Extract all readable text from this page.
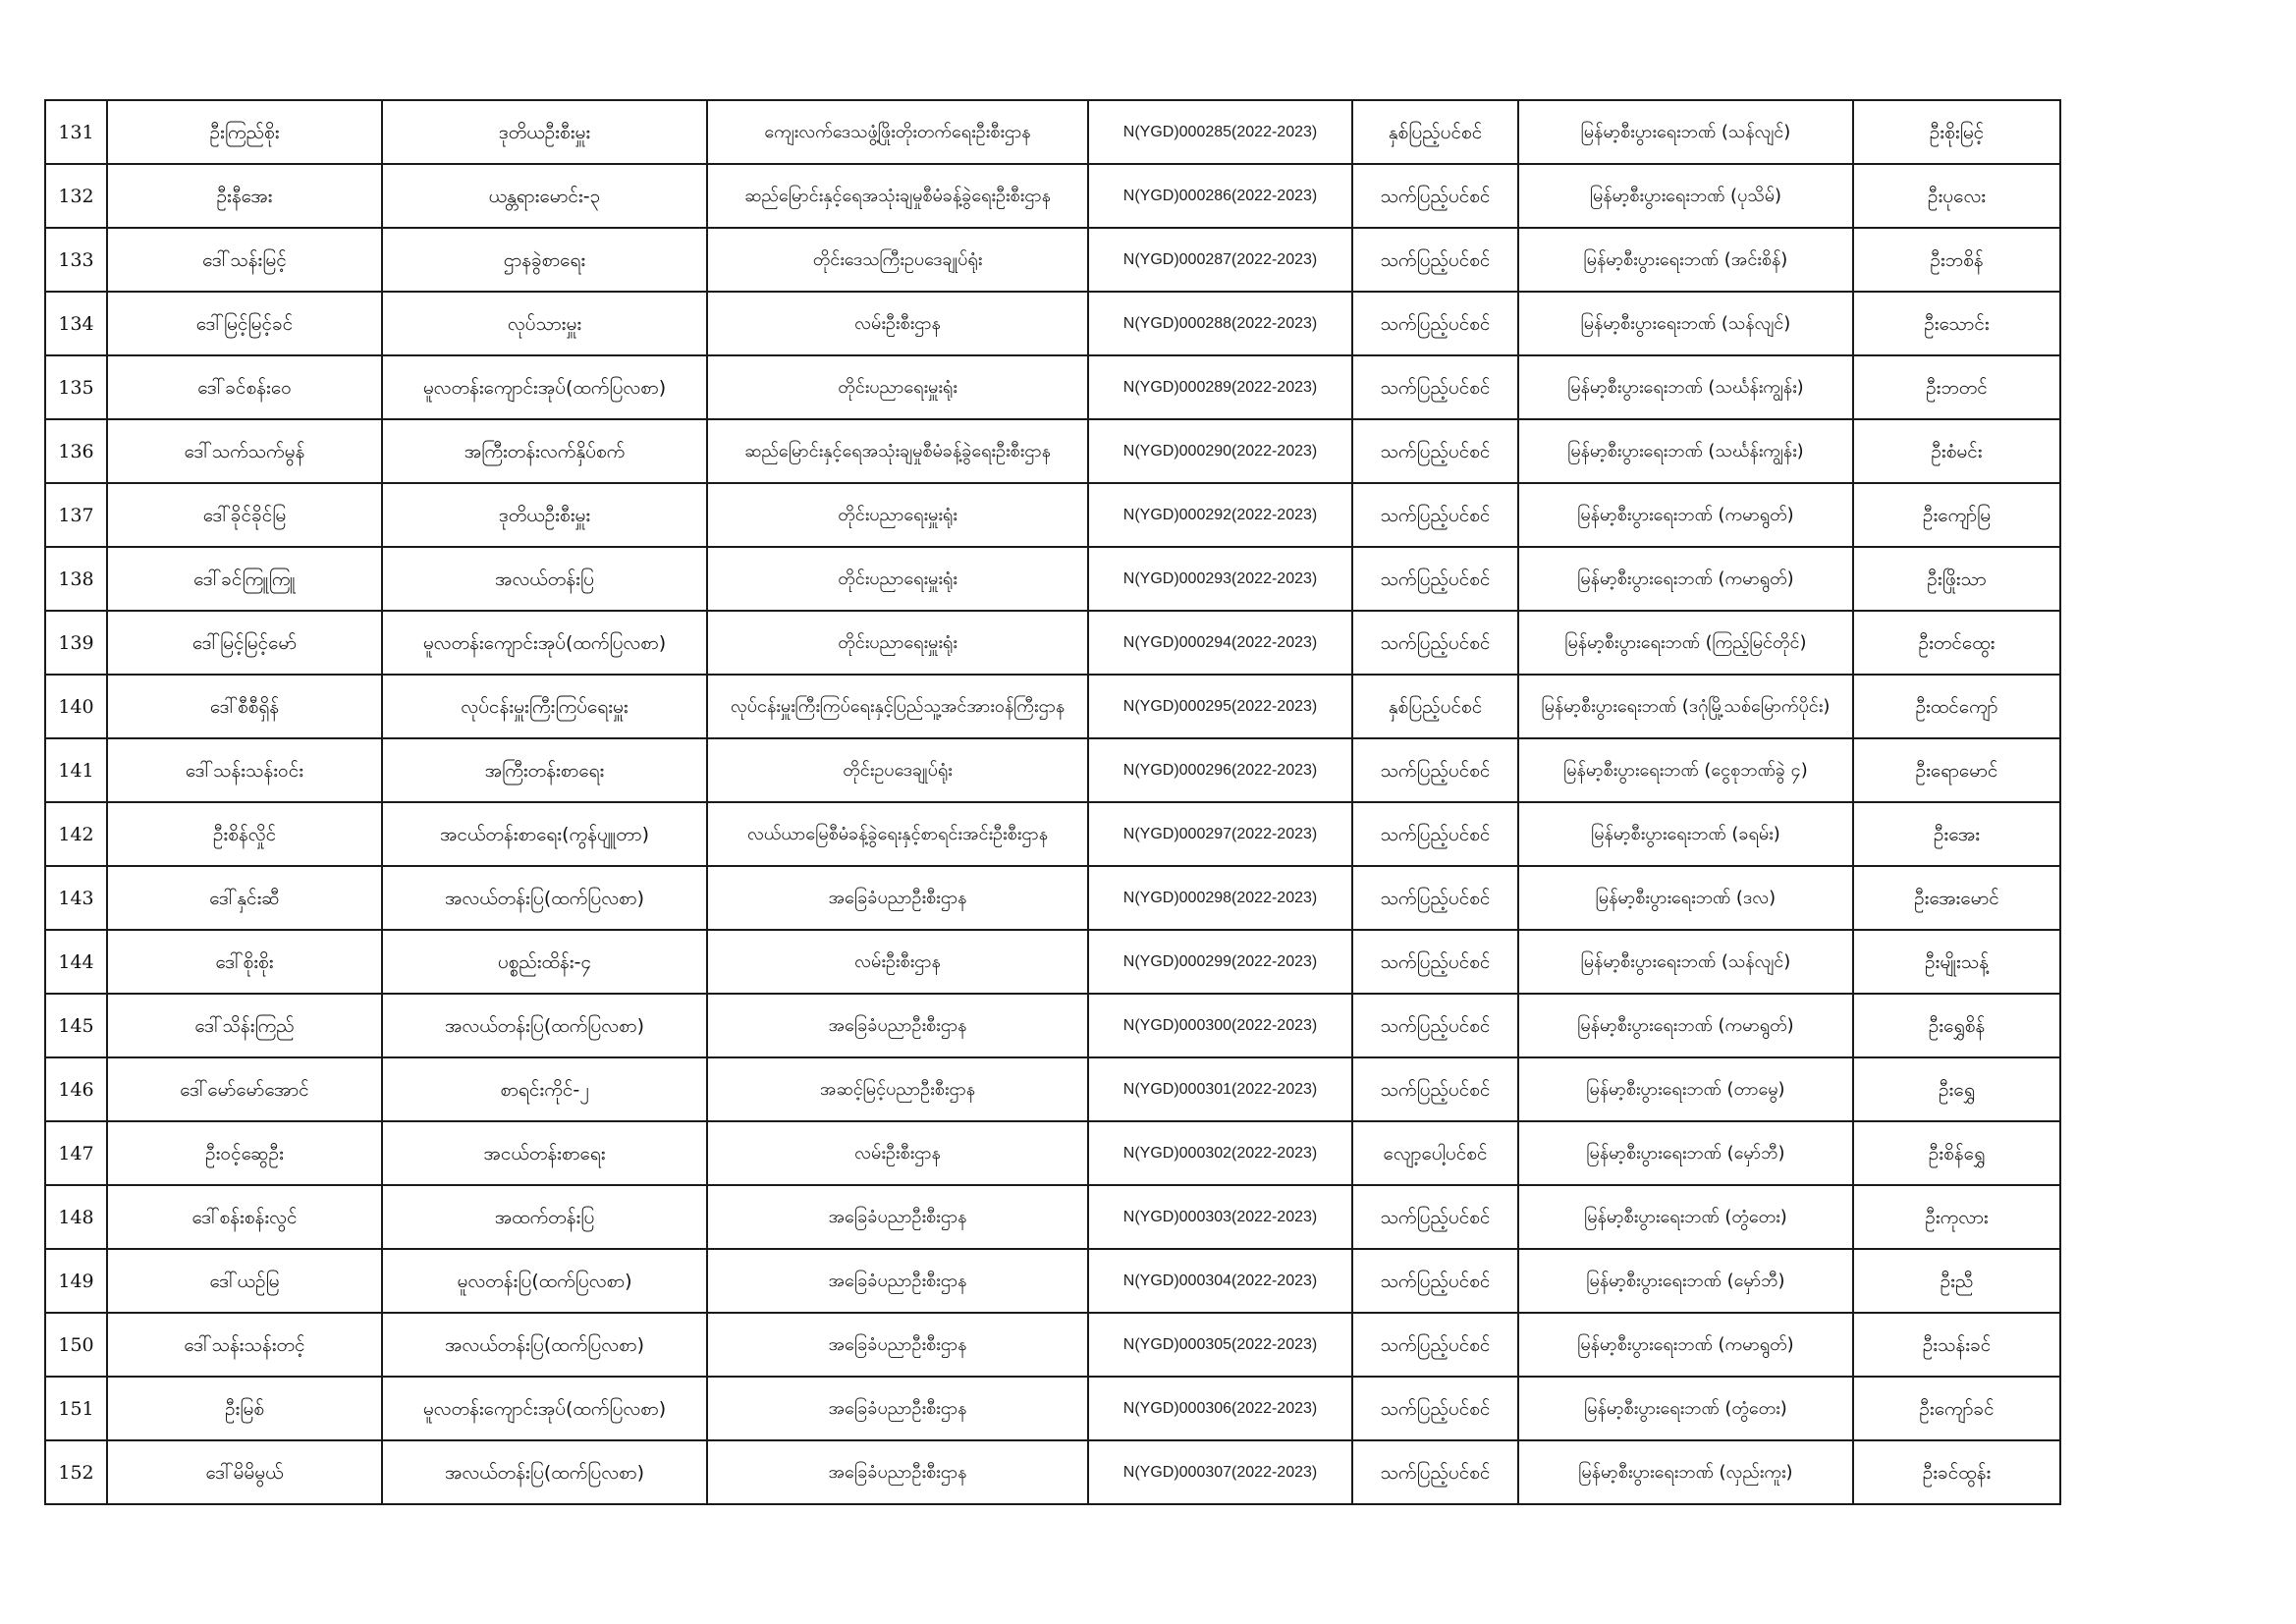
131	ဦးကြည်စိုး	ဒုတိယဦးစီးမှူး	ကျေးလက်ဒေသဖွံ့ဖြိုးတိုးတက်ရေးဦးစီးဌာန	N(YGD)000285(2022-2023)	နှစ်ပြည့်ပင်စင်	မြန်မာ့စီးပွားရေးဘဏ် (သန်လျင်)	ဦးစိုးမြင့်
132	ဦးနီအေး	ယန္တရားမောင်း-၃	ဆည်မြောင်းနှင့်ရေအသုံးချမှုစီမံခန့်ခွဲရေးဦးစီးဌာန	N(YGD)000286(2022-2023)	သက်ပြည့်ပင်စင်	မြန်မာ့စီးပွားရေးဘဏ် (ပုသိမ်)	ဦးပုလေး
133	ဒေါ်သန်းမြင့်	ဌာနခွဲစာရေး	တိုင်းဒေသကြီးဥပဒေချုပ်ရုံး	N(YGD)000287(2022-2023)	သက်ပြည့်ပင်စင်	မြန်မာ့စီးပွားရေးဘဏ် (အင်းစိန်)	ဦးဘစိန်
134	ဒေါ်မြင့်မြင့်ခင်	လုပ်သားမှူး	လမ်းဦးစီးဌာန	N(YGD)000288(2022-2023)	သက်ပြည့်ပင်စင်	မြန်မာ့စီးပွားရေးဘဏ် (သန်လျင်)	ဦးသောင်း
135	ဒေါ်ခင်စန်းဝေ	မူလတန်းကျောင်းအုပ်(ထက်ပြလစာ)	တိုင်းပညာရေးမှူးရုံး	N(YGD)000289(2022-2023)	သက်ပြည့်ပင်စင်	မြန်မာ့စီးပွားရေးဘဏ် (သင်္ဃန်းကျွန်း)	ဦးဘတင်
136	ဒေါ်သက်သက်မွန်	အကြီးတန်းလက်နှိပ်စက်	ဆည်မြောင်းနှင့်ရေအသုံးချမှုစီမံခန့်ခွဲရေးဦးစီးဌာန	N(YGD)000290(2022-2023)	သက်ပြည့်ပင်စင်	မြန်မာ့စီးပွားရေးဘဏ် (သင်္ဃန်းကျွန်း)	ဦးစံမင်း
137	ဒေါ်ခိုင်ခိုင်မြ	ဒုတိယဦးစီးမှူး	တိုင်းပညာရေးမှူးရုံး	N(YGD)000292(2022-2023)	သက်ပြည့်ပင်စင်	မြန်မာ့စီးပွားရေးဘဏ် (ကမာရွတ်)	ဦးကျော်မြ
138	ဒေါ်ခင်ကြူကြူ	အလယ်တန်းပြ	တိုင်းပညာရေးမှူးရုံး	N(YGD)000293(2022-2023)	သက်ပြည့်ပင်စင်	မြန်မာ့စီးပွားရေးဘဏ် (ကမာရွတ်)	ဦးဖြိုးသာ
139	ဒေါ်မြင့်မြင့်မော်	မူလတန်းကျောင်းအုပ်(ထက်ပြလစာ)	တိုင်းပညာရေးမှူးရုံး	N(YGD)000294(2022-2023)	သက်ပြည့်ပင်စင်	မြန်မာ့စီးပွားရေးဘဏ် (ကြည့်မြင်တိုင်)	ဦးတင်ထွေး
140	ဒေါ်စီစီရှိန်	လုပ်ငန်းမှူးကြီးကြပ်ရေးမှူး	လုပ်ငန်းမှူးကြီးကြပ်ရေးနှင့်ပြည်သူ့အင်အားဝန်ကြီးဌာန	N(YGD)000295(2022-2023)	နှစ်ပြည့်ပင်စင်	မြန်မာ့စီးပွားရေးဘဏ် (ဒဂုံမြို့သစ်မြောက်ပိုင်း)	ဦးထင်ကျော်
141	ဒေါ်သန်းသန်းဝင်း	အကြီးတန်းစာရေး	တိုင်းဥပဒေချုပ်ရုံး	N(YGD)000296(2022-2023)	သက်ပြည့်ပင်စင်	မြန်မာ့စီးပွားရေးဘဏ် (ငွေစုဘဏ်ခွဲ ၄)	ဦးရောမောင်
142	ဦးစိန်လှိုင်	အငယ်တန်းစာရေး(ကွန်ပျူတာ)	လယ်ယာမြေစီမံခန့်ခွဲရေးနှင့်စာရင်းအင်းဦးစီးဌာန	N(YGD)000297(2022-2023)	သက်ပြည့်ပင်စင်	မြန်မာ့စီးပွားရေးဘဏ် (ခရမ်း)	ဦးအေး
143	ဒေါ်နှင်းဆီ	အလယ်တန်းပြ(ထက်ပြလစာ)	အခြေခံပညာဦးစီးဌာန	N(YGD)000298(2022-2023)	သက်ပြည့်ပင်စင်	မြန်မာ့စီးပွားရေးဘဏ် (ဒလ)	ဦးအေးမောင်
144	ဒေါ်စိုးစိုး	ပစ္စည်းထိန်း-၄	လမ်းဦးစီးဌာန	N(YGD)000299(2022-2023)	သက်ပြည့်ပင်စင်	မြန်မာ့စီးပွားရေးဘဏ် (သန်လျင်)	ဦးမျိုးသန့်
145	ဒေါ်သိန်းကြည်	အလယ်တန်းပြ(ထက်ပြလစာ)	အခြေခံပညာဦးစီးဌာန	N(YGD)000300(2022-2023)	သက်ပြည့်ပင်စင်	မြန်မာ့စီးပွားရေးဘဏ် (ကမာရွတ်)	ဦးရွှေစိန်
146	ဒေါ်မော်မော်အောင်	စာရင်းကိုင်-၂	အဆင့်မြင့်ပညာဦးစီးဌာန	N(YGD)000301(2022-2023)	သက်ပြည့်ပင်စင်	မြန်မာ့စီးပွားရေးဘဏ် (တာမွေ)	ဦးရွှေ
147	ဦးဝင့်ဆွေဦး	အငယ်တန်းစာရေး	လမ်းဦးစီးဌာန	N(YGD)000302(2022-2023)	လျော့ပေါ့ပင်စင်	မြန်မာ့စီးပွားရေးဘဏ် (မှော်ဘီ)	ဦးစိန်ရွှေ
148	ဒေါ်စန်းစန်းလွင်	အထက်တန်းပြ	အခြေခံပညာဦးစီးဌာန	N(YGD)000303(2022-2023)	သက်ပြည့်ပင်စင်	မြန်မာ့စီးပွားရေးဘဏ် (တွံတေး)	ဦးကုလား
149	ဒေါ်ယဉ်မြ	မူလတန်းပြ(ထက်ပြလစာ)	အခြေခံပညာဦးစီးဌာန	N(YGD)000304(2022-2023)	သက်ပြည့်ပင်စင်	မြန်မာ့စီးပွားရေးဘဏ် (မှော်ဘီ)	ဦးညီ
150	ဒေါ်သန်းသန်းတင့်	အလယ်တန်းပြ(ထက်ပြလစာ)	အခြေခံပညာဦးစီးဌာန	N(YGD)000305(2022-2023)	သက်ပြည့်ပင်စင်	မြန်မာ့စီးပွားရေးဘဏ် (ကမာရွတ်)	ဦးသန်းခင်
151	ဦးမြစ်	မူလတန်းကျောင်းအုပ်(ထက်ပြလစာ)	အခြေခံပညာဦးစီးဌာန	N(YGD)000306(2022-2023)	သက်ပြည့်ပင်စင်	မြန်မာ့စီးပွားရေးဘဏ် (တွံတေး)	ဦးကျော်ခင်
152	ဒေါ်မိမိမွယ်	အလယ်တန်းပြ(ထက်ပြလစာ)	အခြေခံပညာဦးစီးဌာန	N(YGD)000307(2022-2023)	သက်ပြည့်ပင်စင်	မြန်မာ့စီးပွားရေးဘဏ် (လှည်းကူး)	ဦးခင်ထွန်း
